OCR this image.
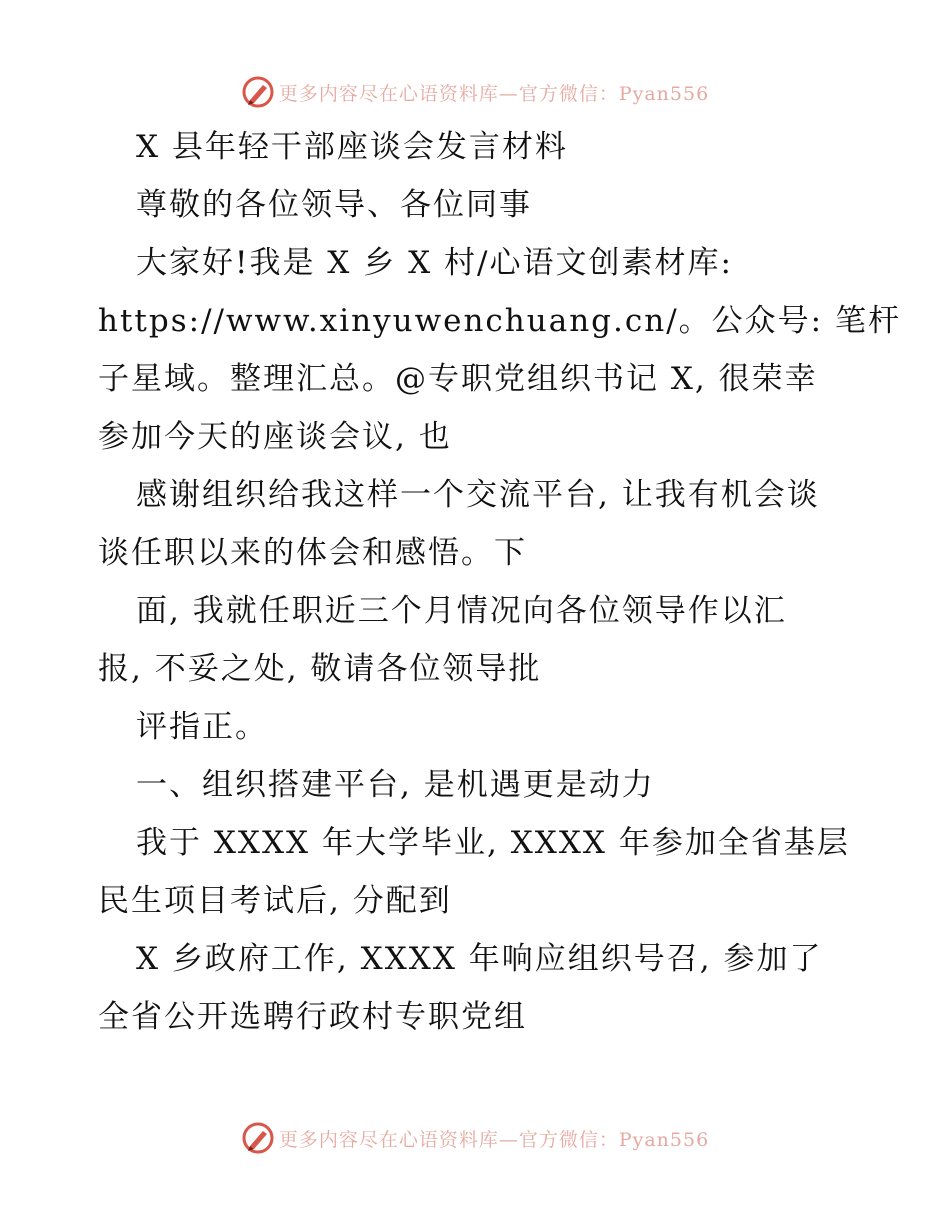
更多内容尽在心语资料库—官方微信：Pyan556
X 县年轻干部座谈会发言材料
尊敬的各位领导、各位同事
大家好!我是 X 乡 X 村/心语文创素材库:
https://www.xinyuwenchuang.cn/。公众号: 笔杆
子星域。整理汇总。@专职党组织书记 X, 很荣幸
参加今天的座谈会议, 也
感谢组织给我这样一个交流平台, 让我有机会谈
谈任职以来的体会和感悟。下
面, 我就任职近三个月情况向各位领导作以汇
报, 不妥之处, 敬请各位领导批
评指正。
一、组织搭建平台, 是机遇更是动力
我于 XXXX 年大学毕业, XXXX 年参加全省基层
民生项目考试后, 分配到
X 乡政府工作, XXXX 年响应组织号召, 参加了
全省公开选聘行政村专职党组
更多内容尽在心语资料库—官方微信：Pyan556
